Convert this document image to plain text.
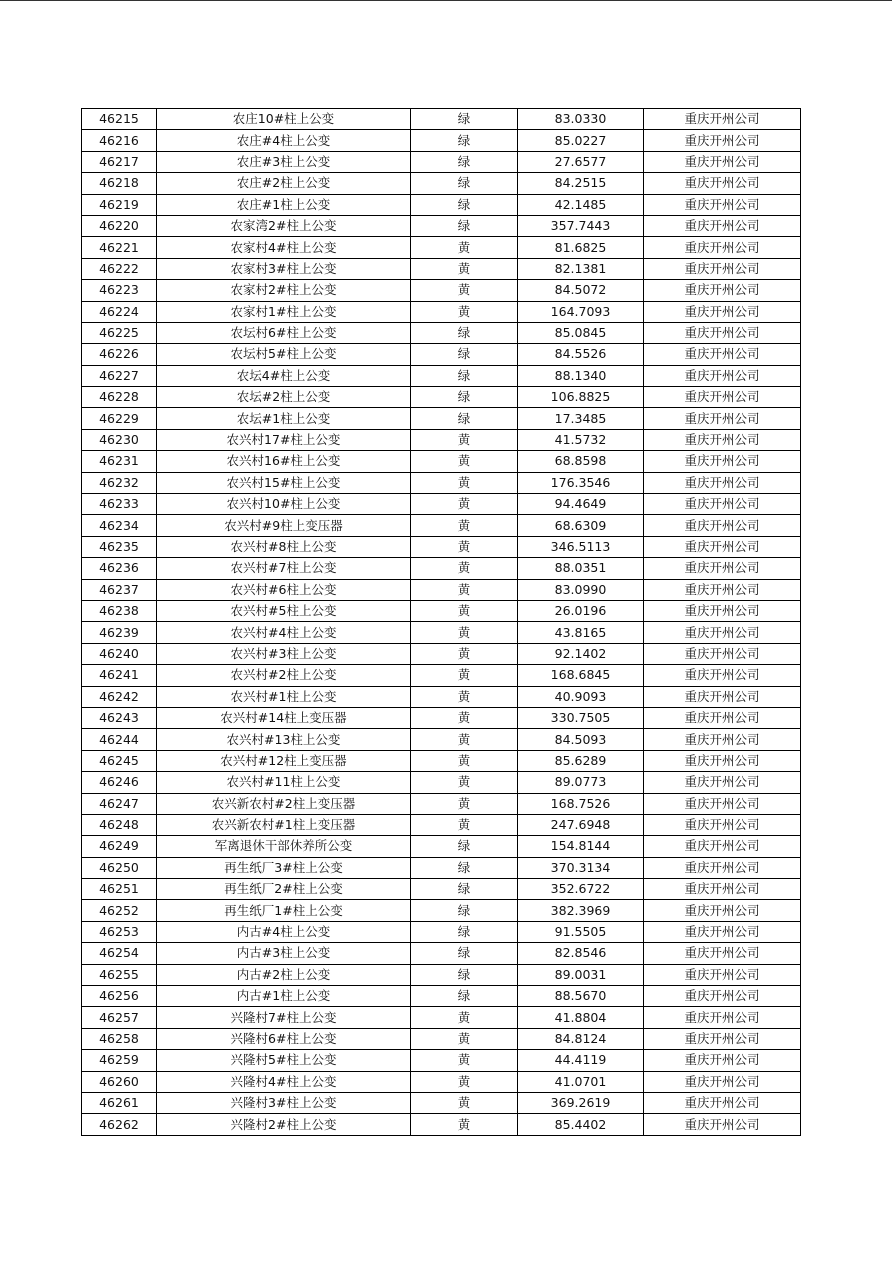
46215	农庄10#柱上公变	绿	83.0330	重庆开州公司
46216	农庄#4柱上公变	绿	85.0227	重庆开州公司
46217	农庄#3柱上公变	绿	27.6577	重庆开州公司
46218	农庄#2柱上公变	绿	84.2515	重庆开州公司
46219	农庄#1柱上公变	绿	42.1485	重庆开州公司
46220	农家湾2#柱上公变	绿	357.7443	重庆开州公司
46221	农家村4#柱上公变	黄	81.6825	重庆开州公司
46222	农家村3#柱上公变	黄	82.1381	重庆开州公司
46223	农家村2#柱上公变	黄	84.5072	重庆开州公司
46224	农家村1#柱上公变	黄	164.7093	重庆开州公司
46225	农坛村6#柱上公变	绿	85.0845	重庆开州公司
46226	农坛村5#柱上公变	绿	84.5526	重庆开州公司
46227	农坛4#柱上公变	绿	88.1340	重庆开州公司
46228	农坛#2柱上公变	绿	106.8825	重庆开州公司
46229	农坛#1柱上公变	绿	17.3485	重庆开州公司
46230	农兴村17#柱上公变	黄	41.5732	重庆开州公司
46231	农兴村16#柱上公变	黄	68.8598	重庆开州公司
46232	农兴村15#柱上公变	黄	176.3546	重庆开州公司
46233	农兴村10#柱上公变	黄	94.4649	重庆开州公司
46234	农兴村#9柱上变压器	黄	68.6309	重庆开州公司
46235	农兴村#8柱上公变	黄	346.5113	重庆开州公司
46236	农兴村#7柱上公变	黄	88.0351	重庆开州公司
46237	农兴村#6柱上公变	黄	83.0990	重庆开州公司
46238	农兴村#5柱上公变	黄	26.0196	重庆开州公司
46239	农兴村#4柱上公变	黄	43.8165	重庆开州公司
46240	农兴村#3柱上公变	黄	92.1402	重庆开州公司
46241	农兴村#2柱上公变	黄	168.6845	重庆开州公司
46242	农兴村#1柱上公变	黄	40.9093	重庆开州公司
46243	农兴村#14柱上变压器	黄	330.7505	重庆开州公司
46244	农兴村#13柱上公变	黄	84.5093	重庆开州公司
46245	农兴村#12柱上变压器	黄	85.6289	重庆开州公司
46246	农兴村#11柱上公变	黄	89.0773	重庆开州公司
46247	农兴新农村#2柱上变压器	黄	168.7526	重庆开州公司
46248	农兴新农村#1柱上变压器	黄	247.6948	重庆开州公司
46249	军离退休干部休养所公变	绿	154.8144	重庆开州公司
46250	再生纸厂3#柱上公变	绿	370.3134	重庆开州公司
46251	再生纸厂2#柱上公变	绿	352.6722	重庆开州公司
46252	再生纸厂1#柱上公变	绿	382.3969	重庆开州公司
46253	内古#4柱上公变	绿	91.5505	重庆开州公司
46254	内古#3柱上公变	绿	82.8546	重庆开州公司
46255	内古#2柱上公变	绿	89.0031	重庆开州公司
46256	内古#1柱上公变	绿	88.5670	重庆开州公司
46257	兴隆村7#柱上公变	黄	41.8804	重庆开州公司
46258	兴隆村6#柱上公变	黄	84.8124	重庆开州公司
46259	兴隆村5#柱上公变	黄	44.4119	重庆开州公司
46260	兴隆村4#柱上公变	黄	41.0701	重庆开州公司
46261	兴隆村3#柱上公变	黄	369.2619	重庆开州公司
46262	兴隆村2#柱上公变	黄	85.4402	重庆开州公司
